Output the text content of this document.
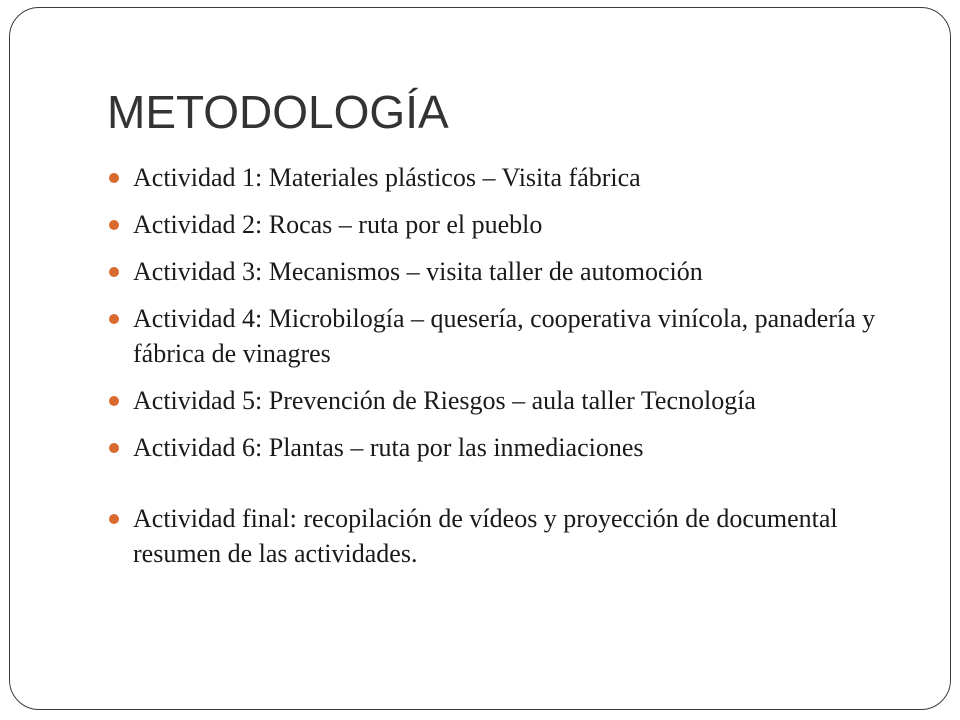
METODOLOGÍA
Actividad 1: Materiales plásticos – Visita fábrica
Actividad 2: Rocas – ruta por el pueblo
Actividad 3: Mecanismos – visita taller de automoción
Actividad 4: Microbilogía – quesería, cooperativa vinícola, panadería y fábrica de vinagres
Actividad 5: Prevención de Riesgos – aula taller Tecnología
Actividad 6: Plantas – ruta por las inmediaciones
Actividad final: recopilación de vídeos y proyección de documental resumen de las actividades.
